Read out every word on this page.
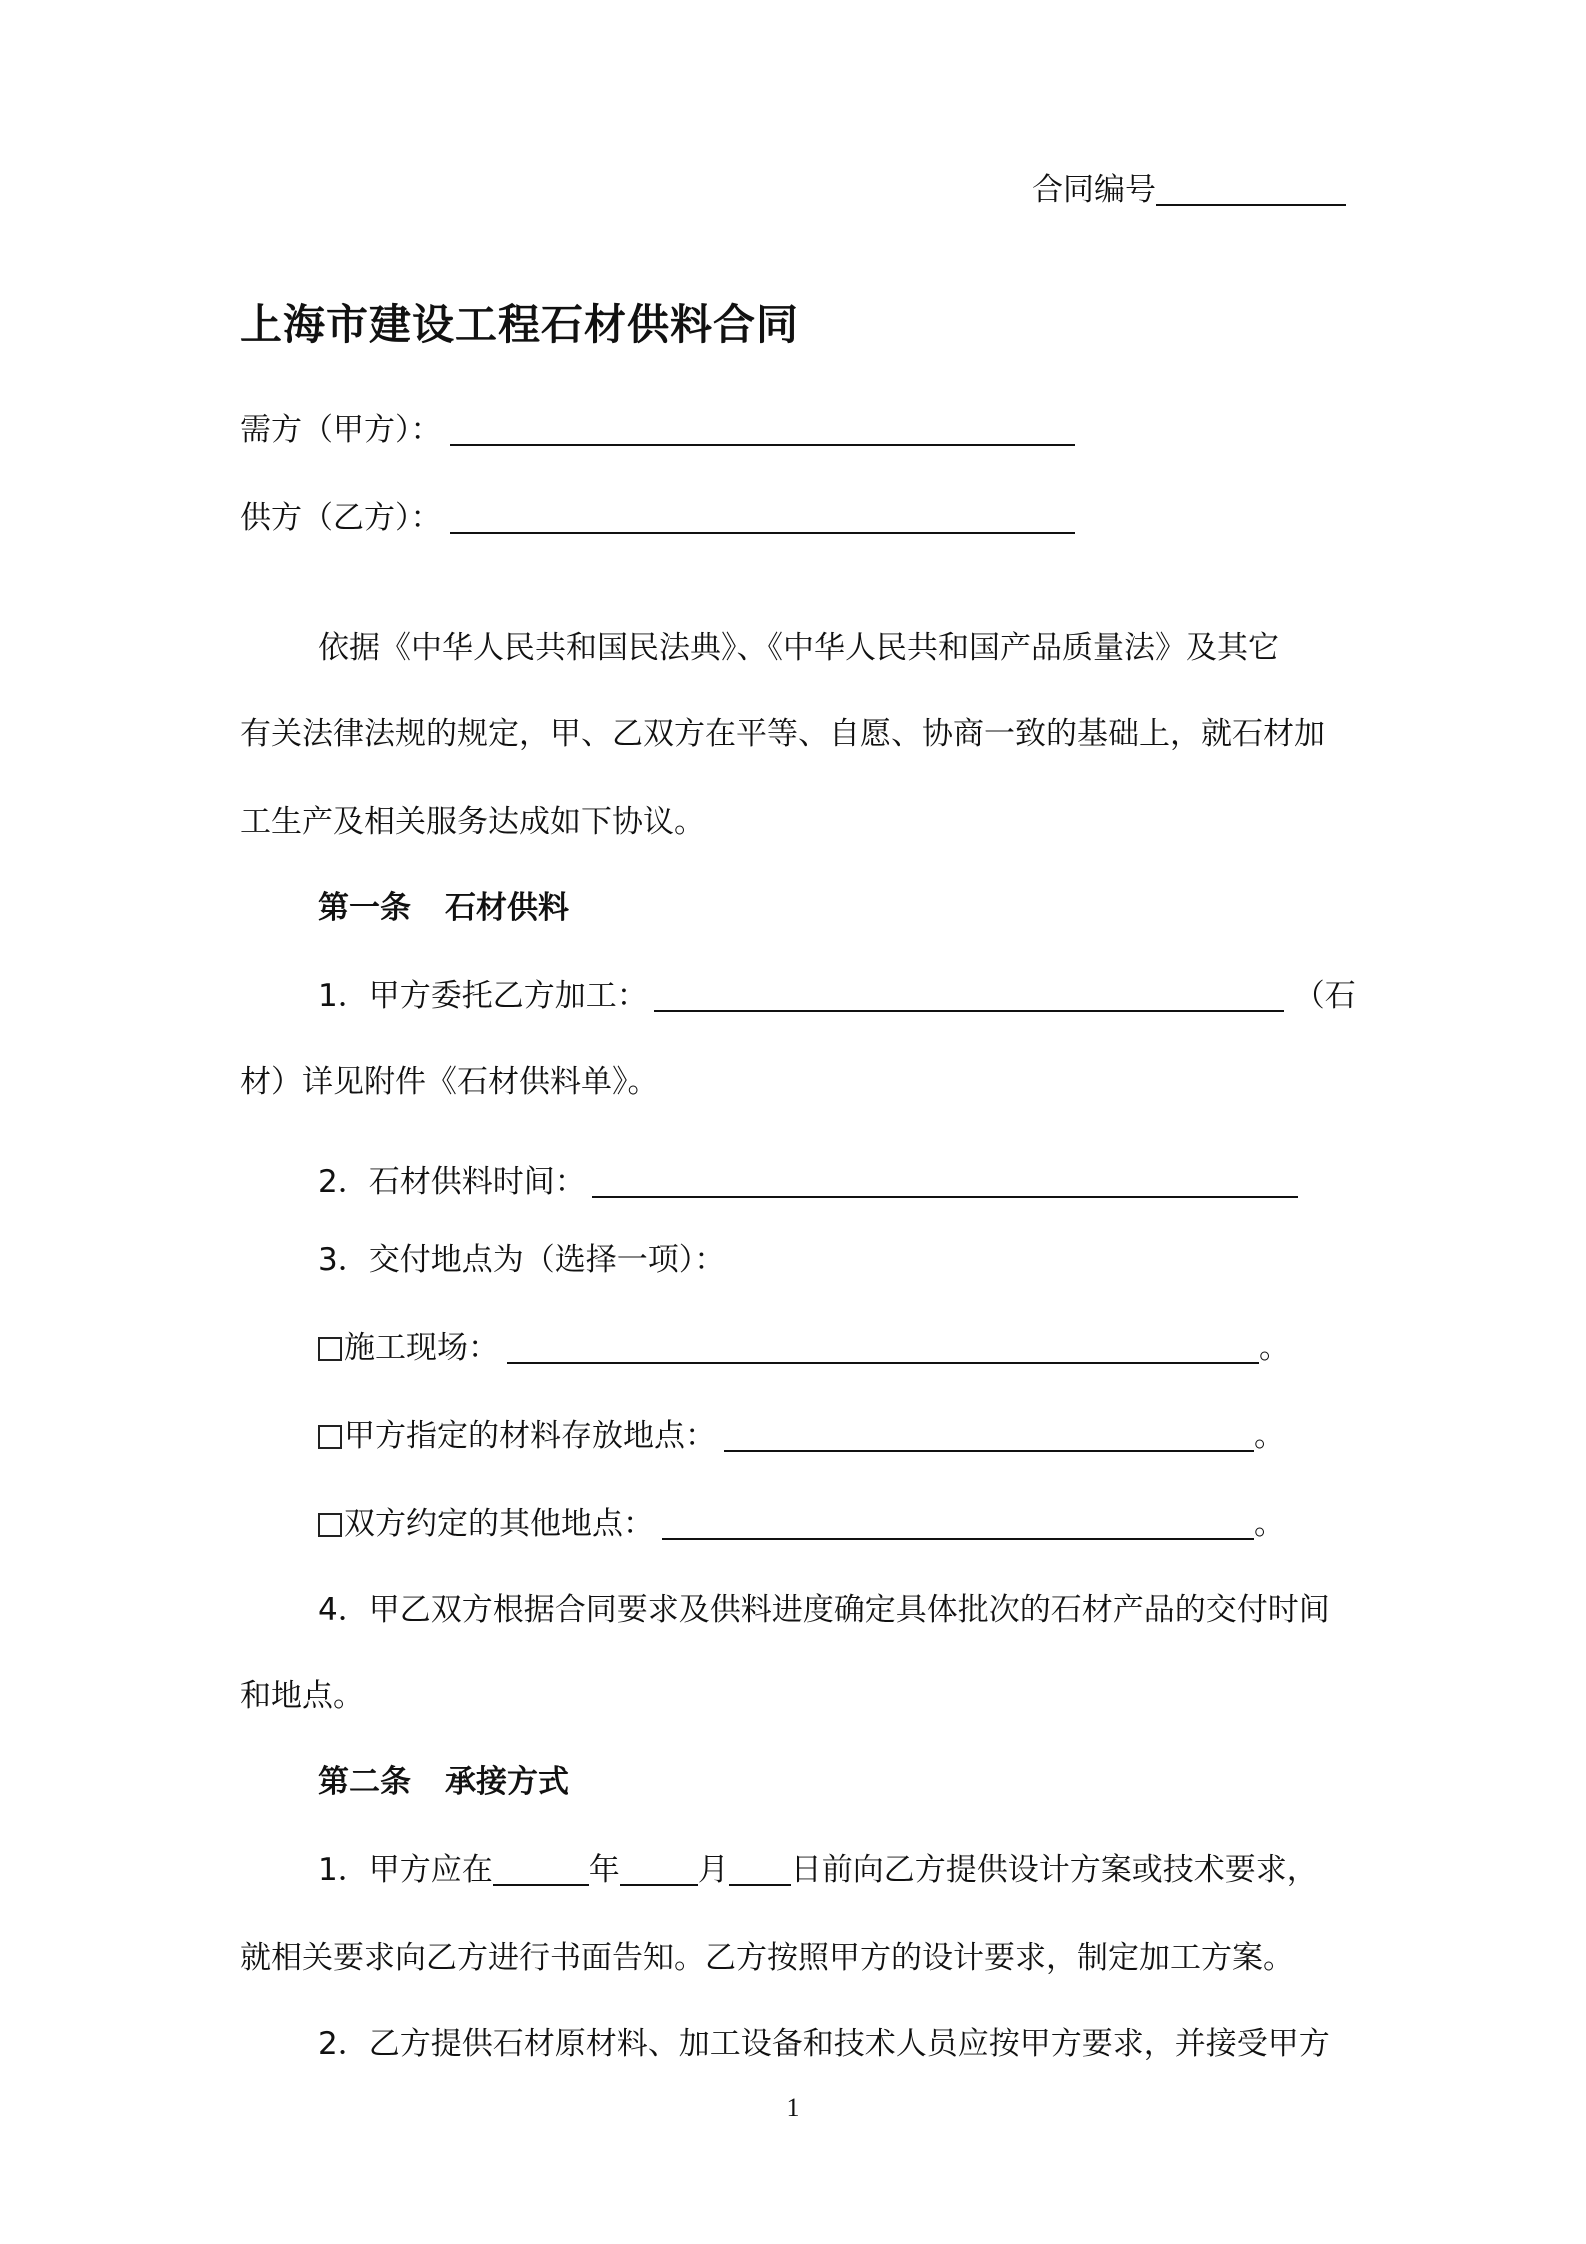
合同编号
上海市建设工程石材供料合同
需方（甲方）：
供方（乙方）：
依据《中华人民共和国民法典》、《中华人民共和国产品质量法》及其它
有关法律法规的规定，甲、乙双方在平等、自愿、协商一致的基础上，就石材加
工生产及相关服务达成如下协议。
第一条 石材供料
1．甲方委托乙方加工：	（石
材）详见附件《石材供料单》。
2．石材供料时间：
3．交付地点为（选择一项）：
施工现场：	。
甲方指定的材料存放地点：	。
双方约定的其他地点：	。
4．甲乙双方根据合同要求及供料进度确定具体批次的石材产品的交付时间
和地点。
第二条 承接方式
1．甲方应在	年	月 日前向乙方提供设计方案或技术要求，
就相关要求向乙方进行书面告知。乙方按照甲方的设计要求，制定加工方案。
2．乙方提供石材原材料、加工设备和技术人员应按甲方要求，并接受甲方
1
